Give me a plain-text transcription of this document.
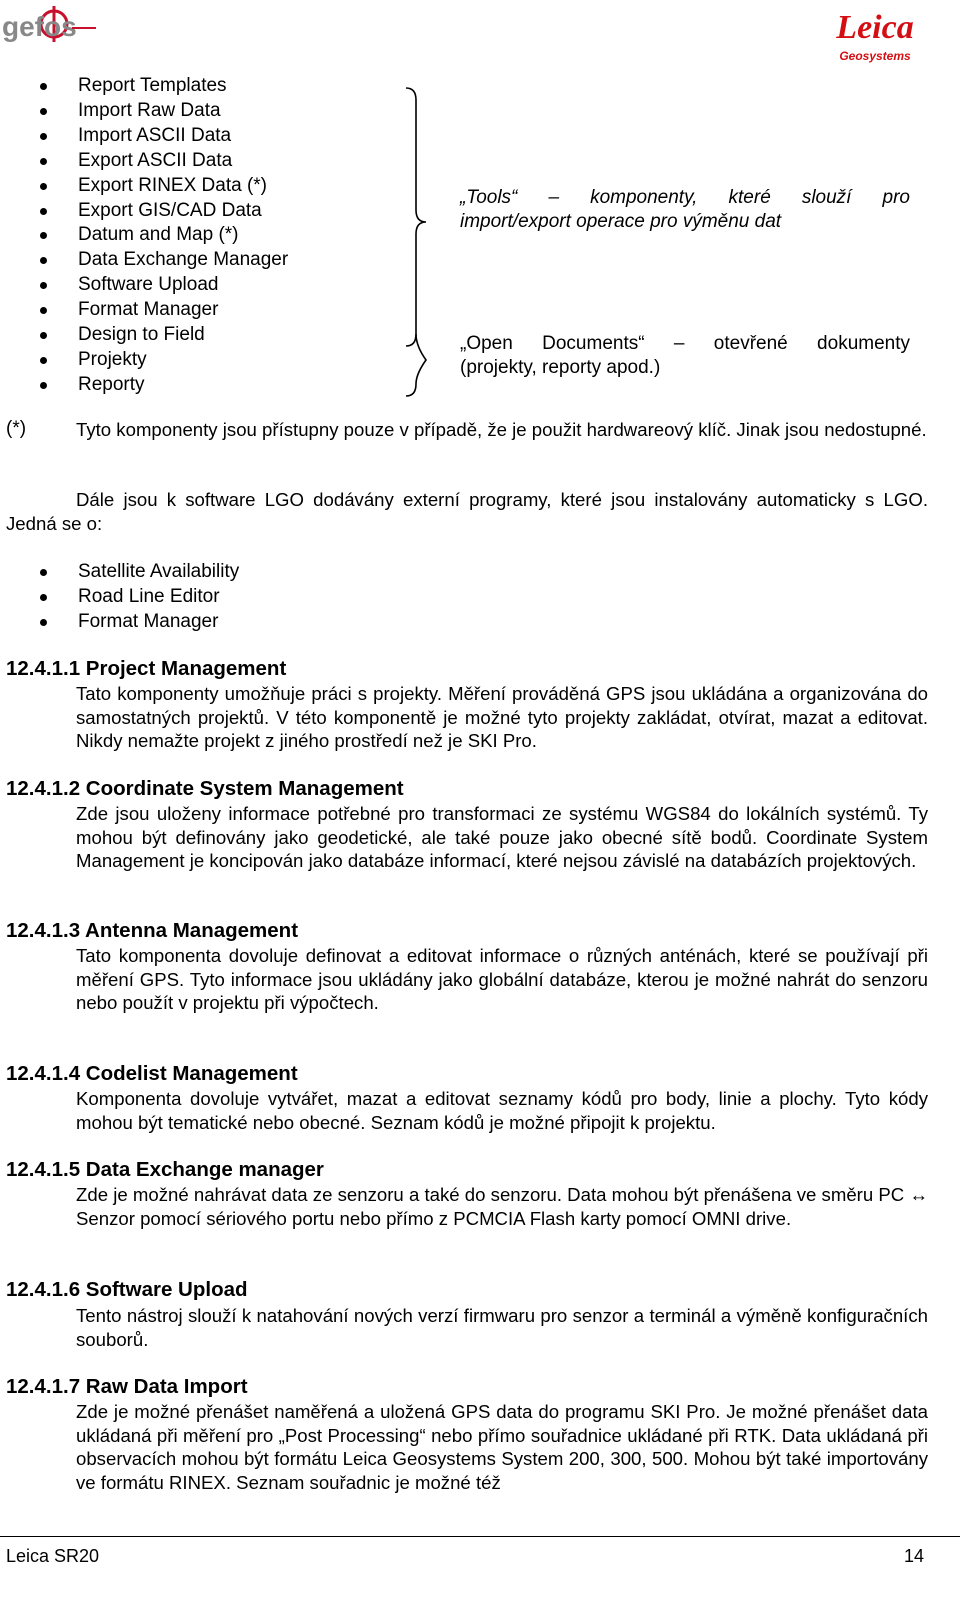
gefos	Leica
Geosystems
Report Templates
Import Raw Data
Import ASCII Data
Export ASCII Data
Export RINEX Data (*)
Export GIS/CAD Data
Datum and Map (*)
Data Exchange Manager
Software Upload
Format Manager
Design to Field
Projekty
Reporty
„Tools“ – komponenty, které slouží pro
import/export operace pro výměnu dat
„Open Documents“ – otevřené dokumenty
(projekty, reporty apod.)
(*)	Tyto komponenty jsou přístupny pouze v případě, že je použit hardwareový klíč. Jinak jsou nedostupné.
Dále jsou k software LGO dodávány externí programy, které jsou instalovány automaticky s LGO. Jedná se o:
Satellite Availability
Road Line Editor
Format Manager
12.4.1.1 Project Management
Tato komponenty umožňuje práci s projekty. Měření prováděná GPS jsou ukládána a organizována do samostatných projektů. V této komponentě je možné tyto projekty zakládat, otvírat, mazat a editovat. Nikdy nemažte projekt z jiného prostředí než je SKI Pro.
12.4.1.2 Coordinate System Management
Zde jsou uloženy informace potřebné pro transformaci ze systému WGS84 do lokálních systémů. Ty mohou být definovány jako geodetické, ale také pouze jako obecné sítě bodů. Coordinate System Management je koncipován jako databáze informací, které nejsou závislé na databázích projektových.
12.4.1.3 Antenna Management
Tato komponenta dovoluje definovat a editovat informace o různých anténách, které se používají při měření GPS. Tyto informace jsou ukládány jako globální databáze, kterou je možné nahrát do senzoru nebo použít v projektu při výpočtech.
12.4.1.4 Codelist Management
Komponenta dovoluje vytvářet, mazat a editovat seznamy kódů pro body, linie a plochy. Tyto kódy mohou být tematické nebo obecné. Seznam kódů je možné připojit k projektu.
12.4.1.5 Data Exchange manager
Zde je možné nahrávat data ze senzoru a také do senzoru. Data mohou být přenášena ve směru PC ↔ Senzor pomocí sériového portu nebo přímo z PCMCIA Flash karty pomocí OMNI drive.
12.4.1.6 Software Upload
Tento nástroj slouží k natahování nových verzí firmwaru pro senzor a terminál a výměně konfiguračních souborů.
12.4.1.7 Raw Data Import
Zde je možné přenášet naměřená a uložená GPS data do programu SKI Pro. Je možné přenášet data ukládaná při měření pro „Post Processing“ nebo přímo souřadnice ukládané při RTK. Data ukládaná při observacích mohou být formátu Leica Geosystems System 200, 300, 500. Mohou být také importovány ve formátu RINEX. Seznam souřadnic je možné též
Leica SR20	14
